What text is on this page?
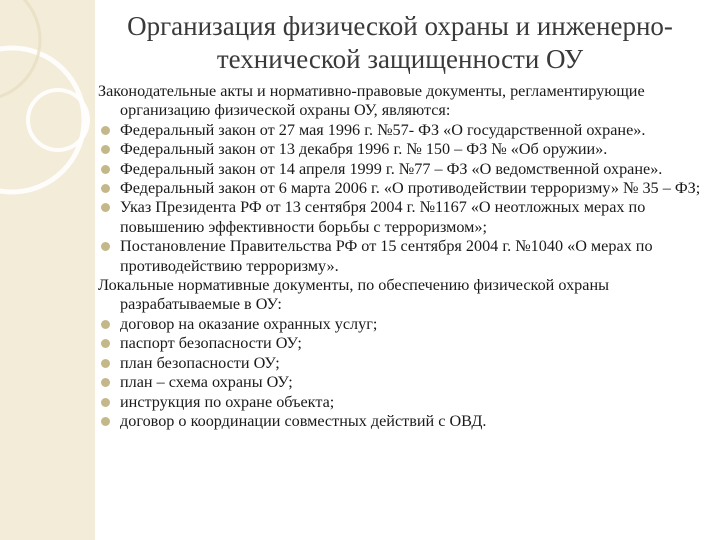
Организация физической охраны и инженерно-
технической защищенности ОУ
Законодательные акты и нормативно-правовые документы, регламентирующие организацию физической охраны ОУ, являются:
Федеральный закон от 27 мая 1996 г. №57- ФЗ «О государственной охране».
Федеральный закон от 13 декабря 1996 г. № 150 – ФЗ № «Об оружии».
Федеральный закон от 14 апреля 1999 г. №77 – ФЗ «О ведомственной охране».
Федеральный закон от 6 марта 2006 г. «О противодействии терроризму» № 35 – ФЗ;
Указ Президента РФ от 13 сентября 2004 г. №1167 «О неотложных мерах по повышению эффективности борьбы с терроризмом»;
Постановление Правительства РФ от 15 сентября 2004 г. №1040 «О мерах по противодействию терроризму».
Локальные нормативные документы, по обеспечению физической охраны разрабатываемые в ОУ:
договор на оказание охранных услуг;
паспорт безопасности ОУ;
план безопасности ОУ;
план – схема охраны ОУ;
инструкция по охране объекта;
договор о координации совместных действий с ОВД.
